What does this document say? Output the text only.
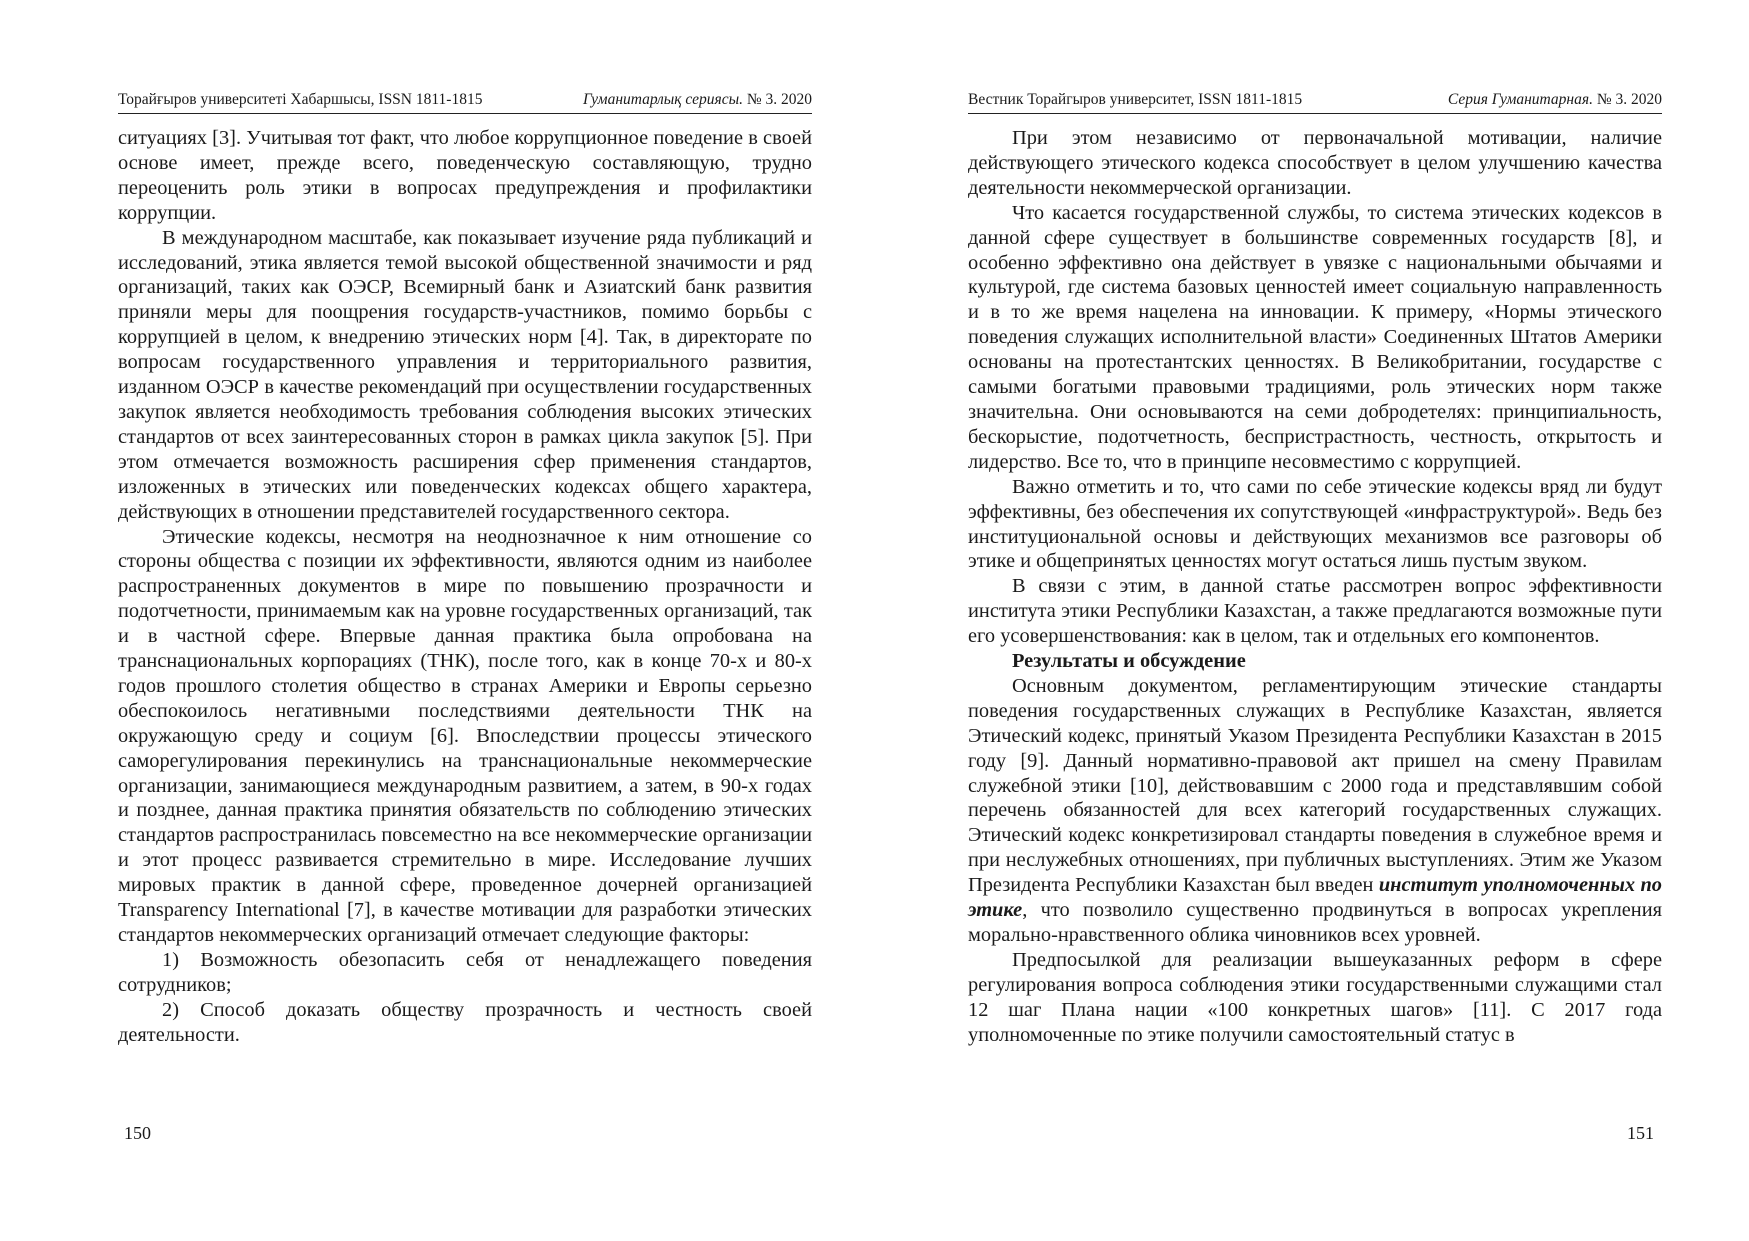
Торайғыров университеті Хабаршысы, ISSN 1811-1815	Гуманитарлық сериясы. № 3. 2020

ситуациях [3]. Учитывая тот факт, что любое коррупционное поведение в своей основе имеет, прежде всего, поведенческую составляющую, трудно переоценить роль этики в вопросах предупреждения и профилактики коррупции.

В международном масштабе, как показывает изучение ряда публикаций и исследований, этика является темой высокой общественной значимости и ряд организаций, таких как ОЭСР, Всемирный банк и Азиатский банк развития приняли меры для поощрения государств-участников, помимо борьбы с коррупцией в целом, к внедрению этических норм [4]. Так, в директорате по вопросам государственного управления и территориального развития, изданном ОЭСР в качестве рекомендаций при осуществлении государственных закупок является необходимость требования соблюдения высоких этических стандартов от всех заинтересованных сторон в рамках цикла закупок [5]. При этом отмечается возможность расширения сфер применения стандартов, изложенных в этических или поведенческих кодексах общего характера, действующих в отношении представителей государственного сектора.

Этические кодексы, несмотря на неоднозначное к ним отношение со стороны общества с позиции их эффективности, являются одним из наиболее распространенных документов в мире по повышению прозрачности и подотчетности, принимаемым как на уровне государственных организаций, так и в частной сфере. Впервые данная практика была опробована на транснациональных корпорациях (ТНК), после того, как в конце 70-х и 80-х годов прошлого столетия общество в странах Америки и Европы серьезно обеспокоилось негативными последствиями деятельности ТНК на окружающую среду и социум [6]. Впоследствии процессы этического саморегулирования перекинулись на транснациональные некоммерческие организации, занимающиеся международным развитием, а затем, в 90-х годах и позднее, данная практика принятия обязательств по соблюдению этических стандартов распространилась повсеместно на все некоммерческие организации и этот процесс развивается стремительно в мире. Исследование лучших мировых практик в данной сфере, проведенное дочерней организацией Transparency International [7], в качестве мотивации для разработки этических стандартов некоммерческих организаций отмечает следующие факторы:

1) Возможность обезопасить себя от ненадлежащего поведения сотрудников;

2) Способ доказать обществу прозрачность и честность своей деятельности.

150
Вестник Торайгыров университет, ISSN 1811-1815	Серия Гуманитарная. № 3. 2020

При этом независимо от первоначальной мотивации, наличие действующего этического кодекса способствует в целом улучшению качества деятельности некоммерческой организации.

Что касается государственной службы, то система этических кодексов в данной сфере существует в большинстве современных государств [8], и особенно эффективно она действует в увязке с национальными обычаями и культурой, где система базовых ценностей имеет социальную направленность и в то же время нацелена на инновации. К примеру, «Нормы этического поведения служащих исполнительной власти» Соединенных Штатов Америки основаны на протестантских ценностях. В Великобритании, государстве с самыми богатыми правовыми традициями, роль этических норм также значительна. Они основываются на семи добродетелях: принципиальность, бескорыстие, подотчетность, беспристрастность, честность, открытость и лидерство. Все то, что в принципе несовместимо с коррупцией.

Важно отметить и то, что сами по себе этические кодексы вряд ли будут эффективны, без обеспечения их сопутствующей «инфраструктурой». Ведь без институциональной основы и действующих механизмов все разговоры об этике и общепринятых ценностях могут остаться лишь пустым звуком.

В связи с этим, в данной статье рассмотрен вопрос эффективности института этики Республики Казахстан, а также предлагаются возможные пути его усовершенствования: как в целом, так и отдельных его компонентов.

Результаты и обсуждение

Основным документом, регламентирующим этические стандарты поведения государственных служащих в Республике Казахстан, является Этический кодекс, принятый Указом Президента Республики Казахстан в 2015 году [9]. Данный нормативно-правовой акт пришел на смену Правилам служебной этики [10], действовавшим с 2000 года и представлявшим собой перечень обязанностей для всех категорий государственных служащих. Этический кодекс конкретизировал стандарты поведения в служебное время и при неслужебных отношениях, при публичных выступлениях. Этим же Указом Президента Республики Казахстан был введен институт уполномоченных по этике, что позволило существенно продвинуться в вопросах укрепления морально-нравственного облика чиновников всех уровней.

Предпосылкой для реализации вышеуказанных реформ в сфере регулирования вопроса соблюдения этики государственными служащими стал 12 шаг Плана нации «100 конкретных шагов» [11]. С 2017 года уполномоченные по этике получили самостоятельный статус в

151
